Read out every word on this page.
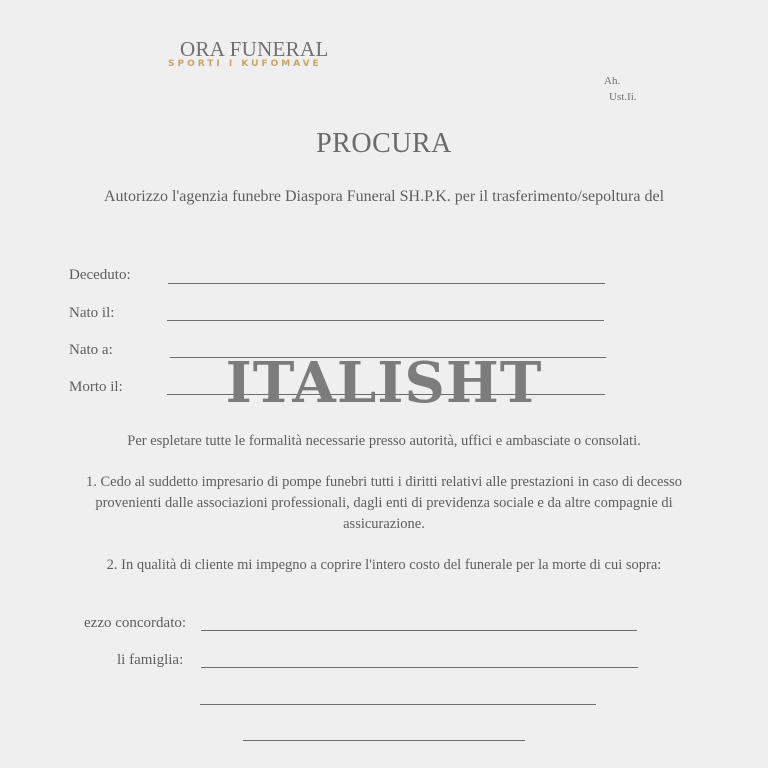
ORA FUNERAL
SPORTI I KUFOMAVE
Ah.
Ust.Ii.
PROCURA
Autorizzo l'agenzia funebre Diaspora Funeral SH.P.K. per il trasferimento/sepoltura del
Deceduto:
Nato il:
Nato a:
Morto il:	ITALISHT
Per espletare tutte le formalità necessarie presso autorità, uffici e ambasciate o consolati.
1. Cedo al suddetto impresario di pompe funebri tutti i diritti relativi alle prestazioni in caso di decesso provenienti dalle associazioni professionali, dagli enti di previdenza sociale e da altre compagnie di assicurazione.
2. In qualità di cliente mi impegno a coprire l'intero costo del funerale per la morte di cui sopra:
ezzo concordato:
li famiglia:
